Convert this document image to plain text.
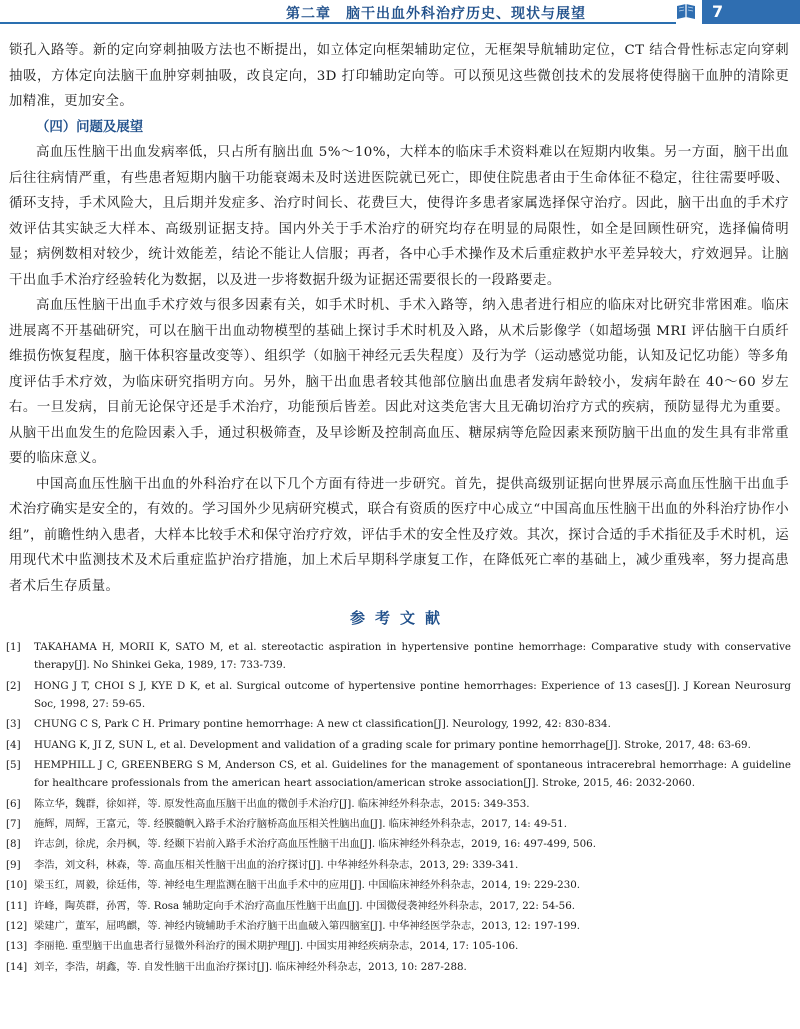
第二章　脑干出血外科治疗历史、现状与展望	7

锁孔入路等。新的定向穿刺抽吸方法也不断提出，如立体定向框架辅助定位，无框架导航辅助定位，CT 结合骨性标志定向穿刺抽吸，方体定向法脑干血肿穿刺抽吸，改良定向，3D 打印辅助定向等。可以预见这些微创技术的发展将使得脑干血肿的清除更加精准，更加安全。

（四）问题及展望

高血压性脑干出血发病率低，只占所有脑出血 5%～10%，大样本的临床手术资料难以在短期内收集。另一方面，脑干出血后往往病情严重，有些患者短期内脑干功能衰竭未及时送进医院就已死亡，即使住院患者由于生命体征不稳定，往往需要呼吸、循环支持，手术风险大，且后期并发症多、治疗时间长、花费巨大，使得许多患者家属选择保守治疗。因此，脑干出血的手术疗效评估其实缺乏大样本、高级别证据支持。国内外关于手术治疗的研究均存在明显的局限性，如全是回顾性研究，选择偏倚明显；病例数相对较少，统计效能差，结论不能让人信服；再者，各中心手术操作及术后重症救护水平差异较大，疗效迥异。让脑干出血手术治疗经验转化为数据，以及进一步将数据升级为证据还需要很长的一段路要走。

高血压性脑干出血手术疗效与很多因素有关，如手术时机、手术入路等，纳入患者进行相应的临床对比研究非常困难。临床进展离不开基础研究，可以在脑干出血动物模型的基础上探讨手术时机及入路，从术后影像学（如超场强 MRI 评估脑干白质纤维损伤恢复程度，脑干体积容量改变等）、组织学（如脑干神经元丢失程度）及行为学（运动感觉功能，认知及记忆功能）等多角度评估手术疗效，为临床研究指明方向。另外，脑干出血患者较其他部位脑出血患者发病年龄较小，发病年龄在 40～60 岁左右。一旦发病，目前无论保守还是手术治疗，功能预后皆差。因此对这类危害大且无确切治疗方式的疾病，预防显得尤为重要。从脑干出血发生的危险因素入手，通过积极筛查，及早诊断及控制高血压、糖尿病等危险因素来预防脑干出血的发生具有非常重要的临床意义。

中国高血压性脑干出血的外科治疗在以下几个方面有待进一步研究。首先，提供高级别证据向世界展示高血压性脑干出血手术治疗确实是安全的，有效的。学习国外少见病研究模式，联合有资质的医疗中心成立“中国高血压性脑干出血的外科治疗协作小组”，前瞻性纳入患者，大样本比较手术和保守治疗疗效，评估手术的安全性及疗效。其次，探讨合适的手术指征及手术时机，运用现代术中监测技术及术后重症监护治疗措施，加上术后早期科学康复工作，在降低死亡率的基础上，减少重残率，努力提高患者术后生存质量。

参考文献
[1]	TAKAHAMA H, MORII K, SATO M, et al. stereotactic aspiration in hypertensive pontine hemorrhage: Comparative study with conservative therapy[J]. No Shinkei Geka, 1989, 17: 733-739.
[2]	HONG J T, CHOI S J, KYE D K, et al. Surgical outcome of hypertensive pontine hemorrhages: Experience of 13 cases[J]. J Korean Neurosurg Soc, 1998, 27: 59-65.
[3]	CHUNG C S, Park C H. Primary pontine hemorrhage: A new ct classification[J]. Neurology, 1992, 42: 830-834.
[4]	HUANG K, JI Z, SUN L, et al. Development and validation of a grading scale for primary pontine hemorrhage[J]. Stroke, 2017, 48: 63-69.
[5]	HEMPHILL J C, GREENBERG S M, Anderson CS, et al. Guidelines for the management of spontaneous intracerebral hemorrhage: A guideline for healthcare professionals from the american heart association/american stroke association[J]. Stroke, 2015, 46: 2032-2060.
[6]	陈立华，魏群，徐如祥，等. 原发性高血压脑干出血的微创手术治疗[J]. 临床神经外科杂志，2015: 349-353.
[7]	施辉，周辉，王富元，等. 经膜髓帆入路手术治疗脑桥高血压相关性脑出血[J]. 临床神经外科杂志，2017, 14: 49-51.
[8]	许志剑，徐虎，余丹枫，等. 经颞下岩前入路手术治疗高血压性脑干出血[J]. 临床神经外科杂志，2019, 16: 497-499, 506.
[9]	李浩，刘文科，林森，等. 高血压相关性脑干出血的治疗探讨[J]. 中华神经外科杂志，2013, 29: 339-341.
[10] 梁玉红，周毅，徐廷伟，等. 神经电生理监测在脑干出血手术中的应用[J]. 中国临床神经外科杂志，2014, 19: 229-230.
[11] 许峰，陶英群，孙霄，等. Rosa 辅助定向手术治疗高血压性脑干出血[J]. 中国微侵袭神经外科杂志，2017, 22: 54-56.
[12] 梁建广，董军，屈鸣麒，等. 神经内镜辅助手术治疗脑干出血破入第四脑室[J]. 中华神经医学杂志，2013, 12: 197-199.
[13] 李丽艳. 重型脑干出血患者行显微外科治疗的围术期护理[J]. 中国实用神经疾病杂志，2014, 17: 105-106.
[14] 刘辛，李浩，胡鑫，等. 自发性脑干出血治疗探讨[J]. 临床神经外科杂志，2013, 10: 287-288.
